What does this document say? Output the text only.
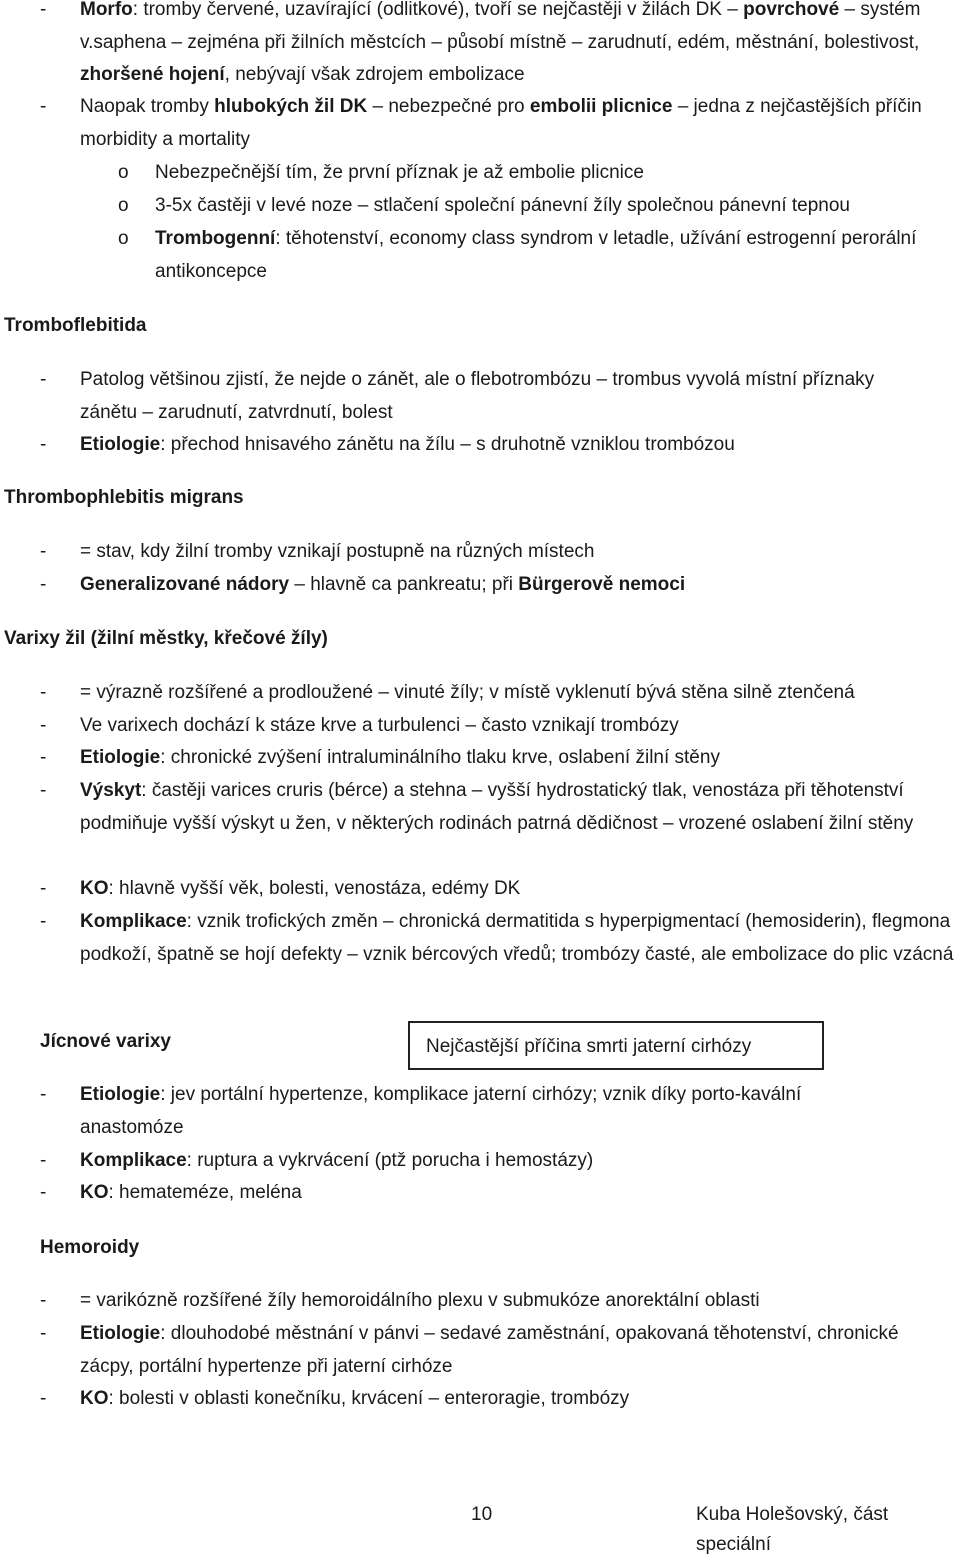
- Morfo: tromby červené, uzavírající (odlitkové), tvoří se nejčastěji v žilách DK – povrchové – systém v.saphena – zejména při žilních městcích – působí místně – zarudnutí, edém, městnání, bolestivost, zhoršené hojení, nebývají však zdrojem embolizace
- Naopak tromby hlubokých žil DK – nebezpečné pro embolii plicnice – jedna z nejčastějších příčin morbidity a mortality
o Nebezpečnější tím, že první příznak je až embolie plicnice
o 3-5x častěji v levé noze – stlačení společní pánevní žíly společnou pánevní tepnou
o Trombogenní: těhotenství, economy class syndrom v letadle, užívání estrogenní perorální antikoncepce
Tromboflebitida
- Patolog většinou zjistí, že nejde o zánět, ale o flebotrombózu – trombus vyvolá místní příznaky zánětu – zarudnutí, zatvrdnutí, bolest
- Etiologie: přechod hnisavého zánětu na žílu – s druhotně vzniklou trombózou
Thrombophlebitis migrans
- = stav, kdy žilní tromby vznikají postupně na různých místech
- Generalizované nádory – hlavně ca pankreatu; při Bürgerově nemoci
Varixy žil (žilní městky, křečové žíly)
- = výrazně rozšířené a prodloužené – vinuté žíly; v místě vyklenutí bývá stěna silně ztenčená
- Ve varixech dochází k stáze krve a turbulenci – často vznikají trombózy
- Etiologie: chronické zvýšení intraluminálního tlaku krve, oslabení žilní stěny
- Výskyt: častěji varices cruris (bérce) a stehna – vyšší hydrostatický tlak, venostáza při těhotenství podmiňuje vyšší výskyt u žen, v některých rodinách patrná dědičnost – vrozené oslabení žilní stěny
- KO: hlavně vyšší věk, bolesti, venostáza, edémy DK
- Komplikace: vznik trofických změn – chronická dermatitida s hyperpigmentací (hemosiderin), flegmona podkoží, špatně se hojí defekty – vznik bércových vředů; trombózy časté, ale embolizace do plic vzácná
Jícnové varixy	Nejčastější příčina smrti jaterní cirhózy
- Etiologie: jev portální hypertenze, komplikace jaterní cirhózy; vznik díky porto-kavální anastomóze
- Komplikace: ruptura a vykrvácení (ptž porucha i hemostázy)
- KO: hemateméze, meléna
Hemoroidy
- = varikózně rozšířené žíly hemoroidálního plexu v submukóze anorektální oblasti
- Etiologie: dlouhodobé městnání v pánvi – sedavé zaměstnání, opakovaná těhotenství, chronické zácpy, portální hypertenze při jaterní cirhóze
- KO: bolesti v oblasti konečníku, krvácení – enteroragie, trombózy
10	Kuba Holešovský, část speciální
